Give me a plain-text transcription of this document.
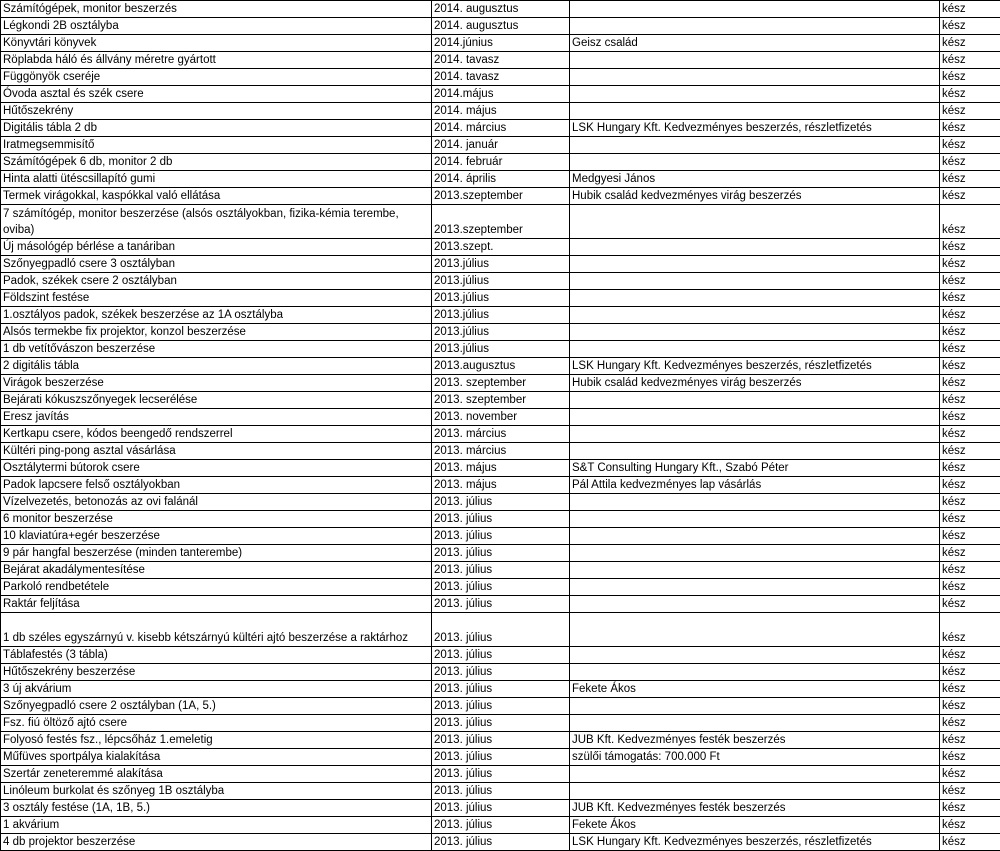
Számítógépek, monitor beszerzés	2014. augusztus		kész
Légkondi 2B osztályba	2014. augusztus		kész
Könyvtári könyvek	2014.június	Geisz család	kész
Röplabda háló és állvány méretre gyártott	2014. tavasz		kész
Függönyök cseréje	2014. tavasz		kész
Óvoda asztal és szék csere	2014.május		kész
Hűtőszekrény	2014. május		kész
Digitális tábla 2 db	2014. március	LSK Hungary Kft. Kedvezményes beszerzés, részletfizetés	kész
Iratmegsemmisítő	2014. január		kész
Számítógépek 6 db, monitor 2 db	2014. február		kész
Hinta alatti ütéscsillapító gumi	2014. április	Medgyesi János	kész
Termek virágokkal, kaspókkal való ellátása	2013.szeptember	Hubik család kedvezményes virág beszerzés	kész
7 számítógép, monitor beszerzése (alsós osztályokban, fizika-kémia terembe, oviba)	2013.szeptember		kész
Új másológép bérlése a tanáriban	2013.szept.		kész
Szőnyegpadló csere 3 osztályban	2013.július		kész
Padok, székek csere 2 osztályban	2013.július		kész
Földszint festése	2013.július		kész
1.osztályos padok, székek beszerzése az 1A osztályba	2013.július		kész
Alsós termekbe fix projektor, konzol beszerzése	2013.július		kész
1 db vetítővászon beszerzése	2013.július		kész
2 digitális tábla	2013.augusztus	LSK Hungary Kft. Kedvezményes beszerzés, részletfizetés	kész
Virágok beszerzése	2013. szeptember	Hubik család kedvezményes virág beszerzés	kész
Bejárati kókuszszőnyegek lecserélése	2013. szeptember		kész
Eresz javítás	2013. november		kész
Kertkapu csere, kódos beengedő rendszerrel	2013. március		kész
Kültéri ping-pong asztal vásárlása	2013. március		kész
Osztálytermi bútorok csere	2013. május	S&T Consulting Hungary Kft., Szabó Péter	kész
Padok lapcsere felső osztályokban	2013. május	Pál Attila kedvezményes lap vásárlás	kész
Vízelvezetés, betonozás az ovi falánál	2013. július		kész
6 monitor beszerzése	2013. július		kész
10 klaviatúra+egér beszerzése	2013. július		kész
9 pár hangfal beszerzése (minden tanterembe)	2013. július		kész
Bejárat akadálymentesítése	2013. július		kész
Parkoló rendbetétele	2013. július		kész
Raktár feljítása	2013. július		kész
1 db széles egyszárnyú v. kisebb kétszárnyú kültéri ajtó beszerzése a raktárhoz	2013. július		kész
Táblafestés (3 tábla)	2013. július		kész
Hűtőszekrény beszerzése	2013. július		kész
3 új akvárium	2013. július	Fekete Ákos	kész
Szőnyegpadló csere 2 osztályban (1A, 5.)	2013. július		kész
Fsz. fiú öltöző ajtó csere	2013. július		kész
Folyosó festés fsz., lépcsőház 1.emeletig	2013. július	JUB Kft. Kedvezményes festék beszerzés	kész
Műfüves sportpálya kialakítása	2013. július	szülői támogatás: 700.000 Ft	kész
Szertár zeneteremmé alakítása	2013. július		kész
Linóleum burkolat és szőnyeg 1B osztályba	2013. július		kész
3 osztály festése (1A, 1B, 5.)	2013. július	JUB Kft. Kedvezményes festék beszerzés	kész
1 akvárium	2013. július	Fekete Ákos	kész
4 db projektor beszerzése	2013. július	LSK Hungary Kft. Kedvezményes beszerzés, részletfizetés	kész
